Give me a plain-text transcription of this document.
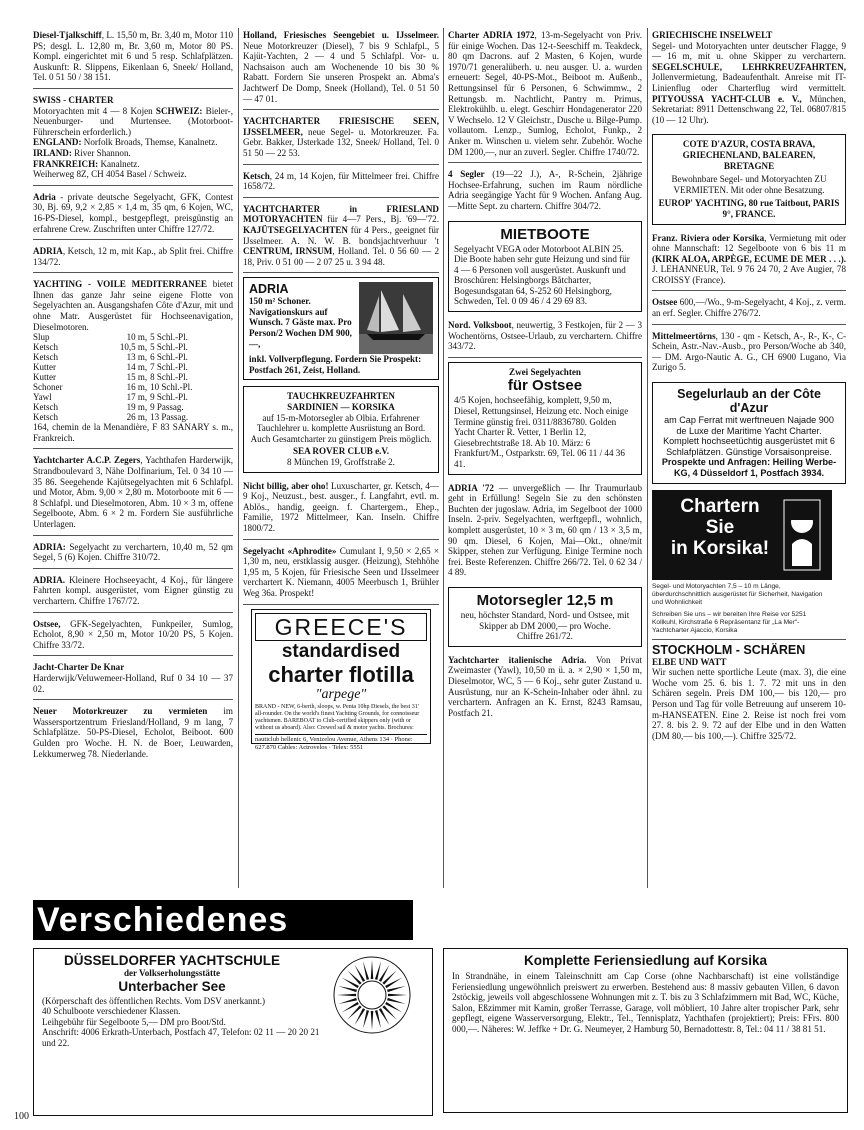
Diesel-Tjalkschiff, L. 15,50 m, Br. 3,40 m, Motor 110 PS; desgl. L. 12,80 m, Br. 3,60 m, Motor 80 PS. Kompl. eingerichtet mit 6 und 5 resp. Schlafplätzen. Auskunft: R. Slippens, Eikenlaan 6, Sneek/ Holland, Tel. 0 51 50 / 38 151.
SWISS - CHARTER
Motoryachten mit 4 — 8 Kojen SCHWEIZ: Bieler-, Neuenburger- und Murtensee. (Motorboot-Führerschein erforderlich.)
ENGLAND: Norfolk Broads, Themse, Kanalnetz.
IRLAND: River Shannon.
FRANKREICH: Kanalnetz.
Weiherweg 8Z, CH 4054 Basel / Schweiz.
Adria - private deutsche Segelyacht, GFK, Contest 30, Bj. 69, 9,2 × 2,85 × 1,4 m, 35 qm, 6 Kojen, WC, 16-PS-Diesel, kompl., bestgepflegt, preisgünstig an erfahrene Crew. Zuschriften unter Chiffre 127/72.
ADRIA, Ketsch, 12 m, mit Kap., ab Split frei. Chiffre 134/72.
YACHTING - VOILE MEDITERRANEE bietet Ihnen das ganze Jahr seine eigene Flotte von Segelyachten an. Ausgangshafen Côte d'Azur, mit und ohne Matr. Ausgerüstet für Hochseenavigation, Dieselmotoren.
Slup	10 m,	5 Schl.-Pl.
Ketsch	10,5 m,	5 Schl.-Pl.
Ketsch	13 m,	6 Schl.-Pl.
Kutter	14 m,	7 Schl.-Pl.
Kutter	15 m,	8 Schl.-Pl.
Schoner	16 m,	10 Schl.-Pl.
Yawl	17 m,	9 Schl.-Pl.
Ketsch	19 m,	9 Passag.
Ketsch	26 m,	13 Passag.
164, chemin de la Menandière, F 83 SANARY s. m., Frankreich.
Yachtcharter A.C.P. Zegers, Yachthafen Harderwijk, Strandboulevard 3, Nähe Dolfinarium, Tel. 0 34 10 — 35 86. Seegehende Kajütsegelyachten mit 6 Schlafpl. und Motor, Abm. 9,00 × 2,80 m. Motorboote mit 6 — 8 Schlafpl. und Dieselmotoren, Abm. 10 × 3 m, offene Segelboote, Abm. 6 × 2 m. Fordern Sie ausführliche Unterlagen.
ADRIA: Segelyacht zu verchartern, 10,40 m, 52 qm Segel, 5 (6) Kojen. Chiffre 310/72.
ADRIA. Kleinere Hochseeyacht, 4 Koj., für längere Fahrten kompl. ausgerüstet, vom Eigner günstig zu verchartern. Chiffre 1767/72.
Ostsee, GFK-Segelyachten, Funkpeiler, Sumlog, Echolot, 8,90 × 2,50 m, Motor 10/20 PS, 5 Kojen. Chiffre 33/72.
Jacht-Charter De Knar
Harderwijk/Veluwemeer-Holland, Ruf 0 34 10 — 37 02.
Neuer Motorkreuzer zu vermieten im Wassersportzentrum Friesland/Holland, 9 m lang, 7 Schlafplätze. 50-PS-Diesel, Echolot, Beiboot. 600 Gulden pro Woche. H. N. de Boer, Leuwarden, Lekkumerweg 78. Niederlande.
Holland, Friesisches Seengebiet u. IJsselmeer. Neue Motorkreuzer (Diesel), 7 bis 9 Schlafpl., 5 Kajüt-Yachten, 2 — 4 und 5 Schlafpl. Vor- u. Nachsaison auch am Wochenende 10 bis 30 % Rabatt. Fordern Sie unseren Prospekt an. Abma's Jachtwerf De Domp, Sneek (Holland), Tel. 0 51 50 — 47 01.
YACHTCHARTER FRIESISCHE SEEN, IJSSELMEER, neue Segel- u. Motorkreuzer. Fa. Gebr. Bakker, IJsterkade 132, Sneek/ Holland, Tel. 0 51 50 — 22 53.
Ketsch, 24 m, 14 Kojen, für Mittelmeer frei. Chiffre 1658/72.
YACHTCHARTER in FRIESLAND MOTORYACHTEN für 4—7 Pers., Bj. '69—'72. KAJÜTSEGELYACHTEN für 4 Pers., geeignet für IJsselmeer. A. N. W. B. bondsjachtverhuur 't CENTRUM, IRNSUM, Holland. Tel. 0 56 60 — 2 18, Priv. 0 51 00 — 2 07 25 u. 3 94 48.
ADRIA
150 m² Schoner. Navigationskurs auf Wunsch. 7 Gäste max. Pro Person/2 Wochen DM 900,—,
inkl. Vollverpflegung. Fordern Sie Prospekt: Postfach 261, Zeist, Holland.
TAUCHKREUZFAHRTEN
SARDINIEN — KORSIKA
auf 15-m-Motorsegler ab Olbia. Erfahrener Tauchlehrer u. komplette Ausrüstung an Bord. Auch Gesamtcharter zu günstigem Preis möglich.
SEA ROVER CLUB e.V.
8 München 19, Groffstraße 2.
Nicht billig, aber oho! Luxuscharter, gr. Ketsch, 4—9 Koj., Neuzust., best. ausger., f. Langfahrt, evtl. m. Ablös., handig, geeign. f. Chartergem., Ehep., Familie, 1972 Mittelmeer, Kan. Inseln. Chiffre 1800/72.
Segelyacht «Aphrodite» Cumulant I, 9,50 × 2,65 × 1,30 m, neu, erstklassig ausger. (Heizung), Stehhöhe 1,95 m, 5 Kojen, für Friesische Seen und IJsselmeer verchartert K. Niemann, 4005 Meerbusch 1, Brühler Weg 36a. Prospekt!
GREECE'S
standardised
charter flotilla
"arpege"
BRAND - NEW, 6-berth, sloops, w. Penta 10hp Diesels, the best 31' all-rounder. On the world's finest Yachting Grounds, for connoisseur yachtsmen. BAREBOAT to Club-certified skippers only (with or without us aboard). Also: Crewed sail & motor yachts. Brochures:
nauticlub hellenic 6, Venizelou Avenue, Athens 134 · Phone: 627.870 Cables: Actrovelos · Telex: 5551
Charter ADRIA 1972, 13-m-Segelyacht von Priv. für einige Wochen. Das 12-t-Seeschiff m. Teakdeck, 80 qm Dacrons. auf 2 Masten, 6 Kojen, wurde 1970/71 generalüberh. u. neu ausger. U. a. wurden erneuert: Segel, 40-PS-Mot., Beiboot m. Außenb., Rettungsinsel für 6 Personen, 6 Schwimmw., 2 Rettungsb. m. Nachtlicht, Pantry m. Primus, Elektrokühlb. u. elegt. Geschirr Hondagenerator 220 V Wechselo. 12 V Gleichstr., Dusche u. Bilge-Pump. vollautom. Lenzp., Sumlog, Echolot, Funkp., 2 Anker m. Winschen u. vielem sehr. Zubehör. Woche DM 1200,—, nur an zuverl. Segler. Chiffre 1740/72.
4 Segler (19—22 J.), A-, R-Schein, 2jährige Hochsee-Erfahrung, suchen im Raum nördliche Adria seegängige Yacht für 9 Wochen. Anfang Aug.—Mitte Sept. zu chartern. Chiffre 304/72.
MIETBOOTE
Segelyacht VEGA oder Motorboot ALBIN 25. Die Boote haben sehr gute Heizung und sind für 4 — 6 Personen voll ausgerüstet. Auskunft und Broschüren: Helsingborgs Båtcharter, Bogesundsgatan 64, S-252 60 Helsingborg, Schweden, Tel. 0 09 46 / 4 29 69 83.
Nord. Volksboot, neuwertig, 3 Festkojen, für 2 — 3 Wochentörns, Ostsee-Urlaub, zu verchartern. Chiffre 343/72.
Zwei Segelyachten
für Ostsee
4/5 Kojen, hochseefähig, komplett, 9,50 m, Diesel, Rettungsinsel, Heizung etc. Noch einige Termine günstig frei. 0311/8836780. Golden Yacht Charter R. Vetter, 1 Berlin 12, Giesebrechtstraße 18. Ab 10. März: 6 Frankfurt/M., Ostparkstr. 69, Tel. 06 11 / 44 36 41.
ADRIA '72 — unvergeßlich — Ihr Traumurlaub geht in Erfüllung! Segeln Sie zu den schönsten Buchten der jugoslaw. Adria, im Segelboot der 1000 Inseln. 2-priv. Segelyachten, werftgepfl., wohnlich, komplett ausgerüstet, 10 × 3 m, 60 qm / 13 × 3,5 m, 90 qm. Diesel, 6 Kojen, Mai—Okt., ohne/mit Skipper, stehen zur Verfügung. Einige Termine noch frei. Beste Referenzen. Chiffre 266/72. Tel. 0 62 34 / 4 89.
Motorsegler 12,5 m
neu, höchster Standard, Nord- und Ostsee, mit Skipper ab DM 2000,— pro Woche.
Chiffre 261/72.
Yachtcharter italienische Adria. Von Privat Zweimaster (Yawl), 10,50 m ü. a. × 2,90 × 1,50 m, Dieselmotor, WC, 5 — 6 Koj., sehr guter Zustand u. Ausrüstung, nur an K-Schein-Inhaber oder ähnl. zu verchartern. Anfragen an K. Ernst, 8243 Ramsau, Postfach 21.
GRIECHISCHE INSELWELT
Segel- und Motoryachten unter deutscher Flagge, 9 — 16 m, mit u. ohne Skipper zu verchartern. SEGELSCHULE, LEHRKREUZFAHRTEN, Jollenvermietung, Badeaufenthalt. Anreise mit IT-Linienflug oder Charterflug wird vermittelt. PITYOUSSA YACHT-CLUB e. V., München, Sekretariat: 8911 Dettenschwang 22, Tel. 06807/815 (10 — 12 Uhr).
COTE D'AZUR, COSTA BRAVA, GRIECHENLAND, BALEAREN, BRETAGNE
Bewohnbare Segel- und Motoryachten ZU VERMIETEN. Mit oder ohne Besatzung.
EUROP' YACHTING, 80 rue Taitbout, PARIS 9°, FRANCE.
Franz. Riviera oder Korsika, Vermietung mit oder ohne Mannschaft: 12 Segelboote von 6 bis 11 m (KIRK ALOA, ARPÈGE, ECUME DE MER . . .). J. LEHANNEUR, Tel. 9 76 24 70, 2 Ave Augier, 78 CROISSY (France).
Ostsee 600,—/Wo., 9-m-Segelyacht, 4 Koj., z. verm. an erf. Segler. Chiffre 276/72.
Mittelmeertörns, 130 - qm - Ketsch, A-, R-, K-, C-Schein, Astr.-Nav.-Ausb., pro Person/Woche ab 340,— DM. Argo-Nautic A. G., CH 6900 Lugano, Via Zurigo 5.
Segelurlaub an der Côte d'Azur
am Cap Ferrat mit werftneuen Najade 900 de Luxe der Maritime Yacht Charter. Komplett hochseetüchtig ausgerüstet mit 6 Schlafplätzen. Günstige Vorsaisonpreise.
Prospekte und Anfragen: Heiling Werbe-KG, 4 Düsseldorf 1, Postfach 3934.
Chartern
Sie
in Korsika!
Segel- und Motoryachten 7,5 – 10 m Länge, überdurchschnittlich ausgerüstet für Sicherheit, Navigation und Wohnlichkeit
Schreiben Sie uns – wir bereiten Ihre Reise vor 5251 Kollkuhl, Kirchstraße 6 Repräsentanz für „La Mer"-Yachtcharter Ajaccio, Korsika
STOCKHOLM - SCHÄREN
ELBE UND WATT
Wir suchen nette sportliche Leute (max. 3), die eine Woche vom 25. 6. bis 1. 7. 72 mit uns in den Schären segeln. Preis DM 100,— bis 120,— pro Person und Tag für volle Betreuung auf unserem 10-m-HANSEATEN. Eine 2. Reise ist noch frei vom 27. 8. bis 2. 9. 72 auf der Elbe und in den Watten (DM 80,— bis 100,—). Chiffre 325/72.
Verschiedenes
DÜSSELDORFER YACHTSCHULE
der Volkserholungsstätte
Unterbacher See
(Körperschaft des öffentlichen Rechts. Vom DSV anerkannt.)
40 Schulboote verschiedener Klassen.
Leihgebühr für Segelboote 5,— DM pro Boot/Std.
Anschrift: 4006 Erkrath-Unterbach, Postfach 47, Telefon: 02 11 — 20 20 21 und 22.
Komplette Feriensiedlung auf Korsika
In Strandnähe, in einem Taleinschnitt am Cap Corse (ohne Nachbarschaft) ist eine vollständige Feriensiedlung ungewöhnlich preiswert zu erwerben. Bestehend aus: 8 massiv gebauten Villen, 6 davon 2stöckig, jeweils voll abgeschlossene Wohnungen mit z. T. bis zu 3 Schlafzimmern mit Bad, WC, Küche, Salon, Eßzimmer mit Kamin, großer Terrasse, Garage, voll möbliert, 10 Jahre alter tropischer Park, sehr gepflegt, eigene Wasserversorgung, Elektr., Tel., Tennisplatz, Yachthafen (projektiert); Preis: FFrs. 800 000,—. Näheres: W. Jeffke + Dr. G. Neumeyer, 2 Hamburg 50, Bernadottestr. 8, Tel.: 04 11 / 38 81 51.
100
